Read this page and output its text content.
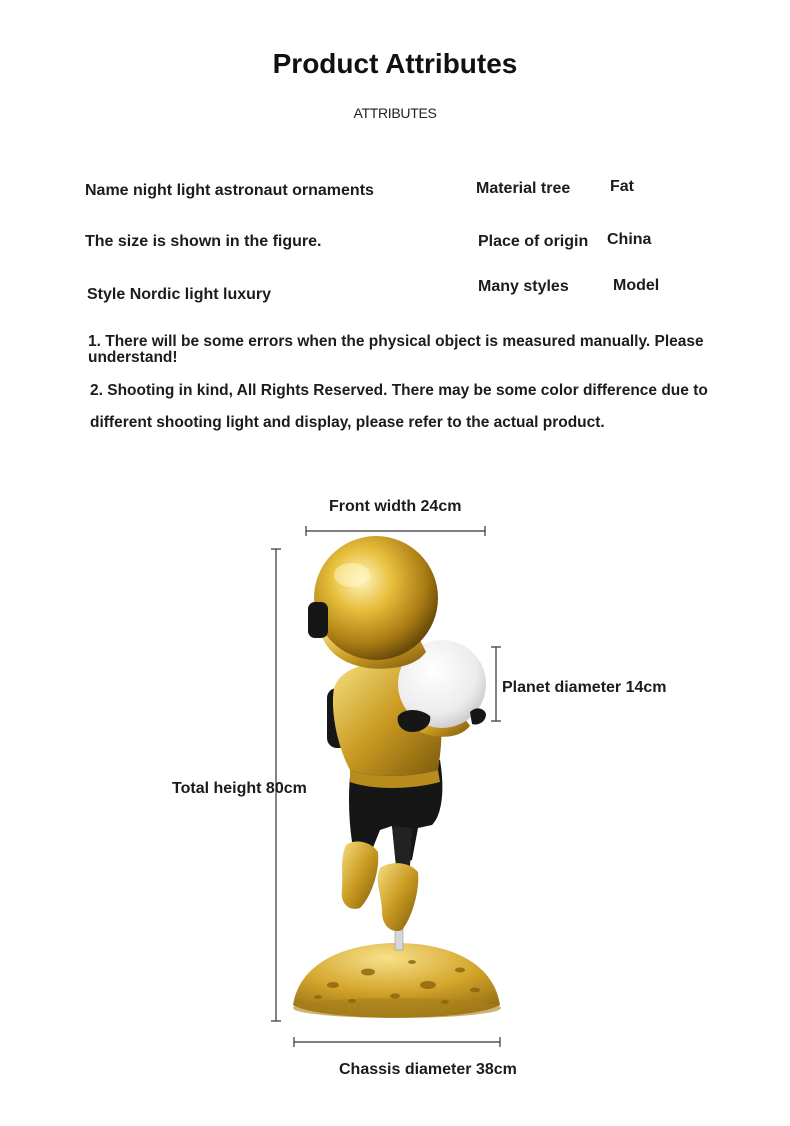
Product Attributes
ATTRIBUTES
Name night light astronaut ornaments
The size is shown in the figure.
Style Nordic light luxury
Material tree Fat
Place of origin China
Many styles	Model
1. There will be some errors when the physical object is measured manually. Please understand!
2. Shooting in kind, All Rights Reserved. There may be some color difference due to
different shooting light and display, please refer to the actual product.
Front width 24cm
Planet diameter 14cm
Total height 80cm
Chassis diameter 38cm
